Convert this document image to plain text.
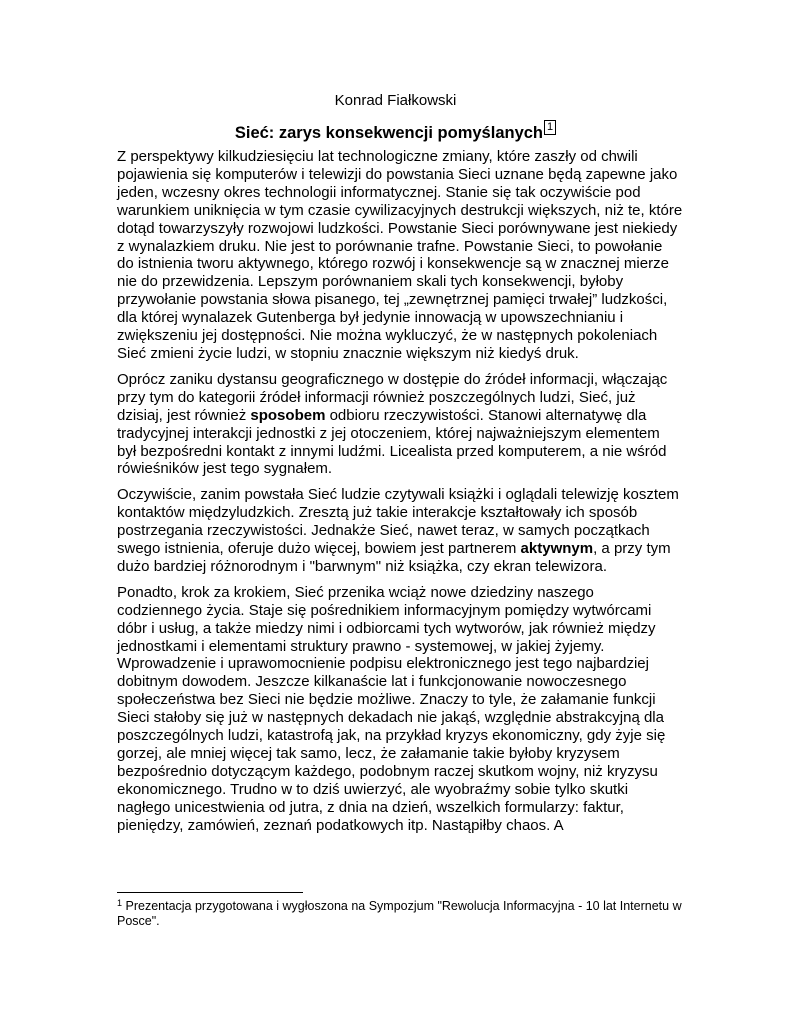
Konrad Fiałkowski
Sieć: zarys konsekwencji pomyślanych 1

Z perspektywy kilkudziesięciu lat technologiczne zmiany, które zaszły od chwili pojawienia się komputerów i telewizji do powstania Sieci uznane będą zapewne jako jeden, wczesny okres technologii informatycznej. Stanie się tak oczywiście pod warunkiem uniknięcia w tym czasie cywilizacyjnych destrukcji większych, niż te, które dotąd towarzyszyły rozwojowi ludzkości. Powstanie Sieci porównywane jest niekiedy z wynalazkiem druku. Nie jest to porównanie trafne. Powstanie Sieci, to powołanie do istnienia tworu aktywnego, którego rozwój i konsekwencje są w znacznej mierze nie do przewidzenia. Lepszym porównaniem skali tych konsekwencji, byłoby przywołanie powstania słowa pisanego, tej „zewnętrznej pamięci trwałej” ludzkości, dla której wynalazek Gutenberga był jedynie innowacją w upowszechnianiu i zwiększeniu jej dostępności. Nie można wykluczyć, że w następnych pokoleniach Sieć zmieni życie ludzi, w stopniu znacznie większym niż kiedyś druk.

Oprócz zaniku dystansu geograficznego w dostępie do źródeł informacji, włączając przy tym do kategorii źródeł informacji również poszczególnych ludzi, Sieć, już dzisiaj, jest również sposobem odbioru rzeczywistości. Stanowi alternatywę dla tradycyjnej interakcji jednostki z jej otoczeniem, której najważniejszym elementem był bezpośredni kontakt z innymi ludźmi. Licealista przed komputerem, a nie wśród rówieśników jest tego sygnałem.

Oczywiście, zanim powstała Sieć ludzie czytywali książki i oglądali telewizję kosztem kontaktów międzyludzkich. Zresztą już takie interakcje kształtowały ich sposób postrzegania rzeczywistości. Jednakże Sieć, nawet teraz, w samych początkach swego istnienia, oferuje dużo więcej, bowiem jest partnerem aktywnym, a przy tym dużo bardziej różnorodnym i "barwnym" niż książka, czy ekran telewizora.

Ponadto, krok za krokiem, Sieć przenika wciąż nowe dziedziny naszego codziennego życia. Staje się pośrednikiem informacyjnym pomiędzy wytwórcami dóbr i usług, a także miedzy nimi i odbiorcami tych wytworów, jak również między jednostkami i elementami struktury prawno - systemowej, w jakiej żyjemy. Wprowadzenie i uprawomocnienie podpisu elektronicznego jest tego najbardziej dobitnym dowodem. Jeszcze kilkanaście lat i funkcjonowanie nowoczesnego społeczeństwa bez Sieci nie będzie możliwe. Znaczy to tyle, że załamanie funkcji Sieci stałoby się już w następnych dekadach nie jakąś, względnie abstrakcyjną dla poszczególnych ludzi, katastrofą jak, na przykład kryzys ekonomiczny, gdy żyje się gorzej, ale mniej więcej tak samo, lecz, że załamanie takie byłoby kryzysem bezpośrednio dotyczącym każdego, podobnym raczej skutkom wojny, niż kryzysu ekonomicznego. Trudno w to dziś uwierzyć, ale wyobraźmy sobie tylko skutki nagłego unicestwienia od jutra, z dnia na dzień, wszelkich formularzy: faktur, pieniędzy, zamówień, zeznań podatkowych itp. Nastąpiłby chaos. A

$^1$ Prezentacja przygotowana i wygłoszona na Sympozjum "Rewolucja Informacyjna - 10 lat Internetu w Posce".
